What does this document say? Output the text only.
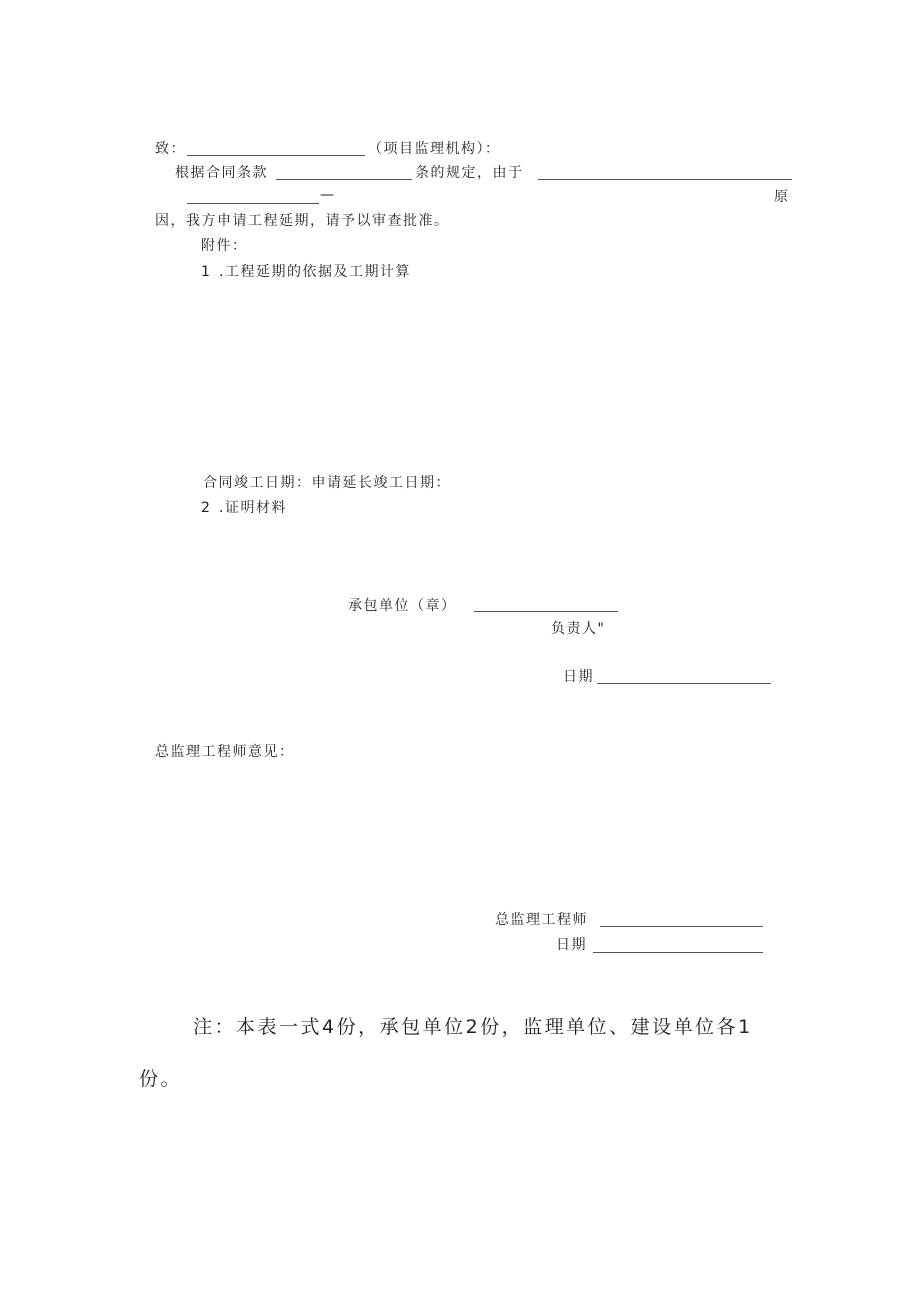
致：	（项目监理机构）：
根据合同条款	条的规定，由于
—	原
因，我方申请工程延期，请予以审查批准。
附件：
1 .工程延期的依据及工期计算
合同竣工日期：申请延长竣工日期：
2 .证明材料
承包单位（章）
负责人"
日期
总监理工程师意见：
总监理工程师
日期
注：本表一式4份，承包单位2份，监理单位、建设单位各1
份。
